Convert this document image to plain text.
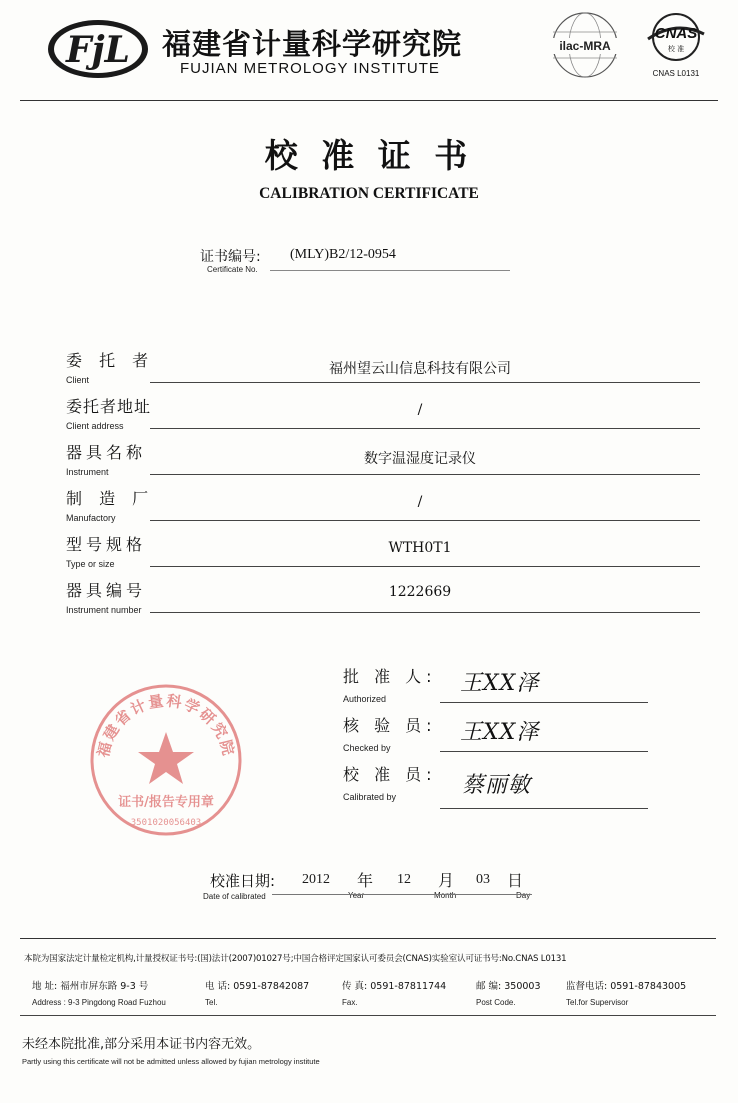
FjL 福建省计量科学研究院
FUJIAN METROLOGY INSTITUTE
ilac-MRA
CNAS
校 准
CNAS L0131
校 准 证 书
CALIBRATION CERTIFICATE
证书编号:
Certificate No.
(MLY)B2/12-0954
委 托 者
Client
福州望云山信息科技有限公司
委托者地址
Client address
/
器具名称
Instrument
数字温湿度记录仪
制 造 厂
Manufactory
/
型号规格
Type or size
WTH0T1
器具编号
Instrument number
1222669
福建省计量科学研究院
证书/报告专用章
3501020056403
批 准 人:
Authorized
王XX泽
核 验 员:
Checked by
王XX泽
校 准 员:
Calibrated by	蔡丽敏
校准日期:
Date of calibrated
2012 年
Year
12 月
Month
03 日
Day
本院为国家法定计量检定机构,计量授权证书号:(国)法计(2007)01027号;中国合格评定国家认可委员会(CNAS)实验室认可证书号:No.CNAS L0131
地 址: 福州市屏东路 9-3 号
Address : 9-3 Pingdong Road Fuzhou
电 话: 0591-87842087
Tel.
传 真: 0591-87811744
Fax.
邮 编: 350003
Post Code.
监督电话: 0591-87843005
Tel.for Supervisor
未经本院批准,部分采用本证书内容无效。
Partly using this certificate will not be admitted unless allowed by fujian metrology institute
